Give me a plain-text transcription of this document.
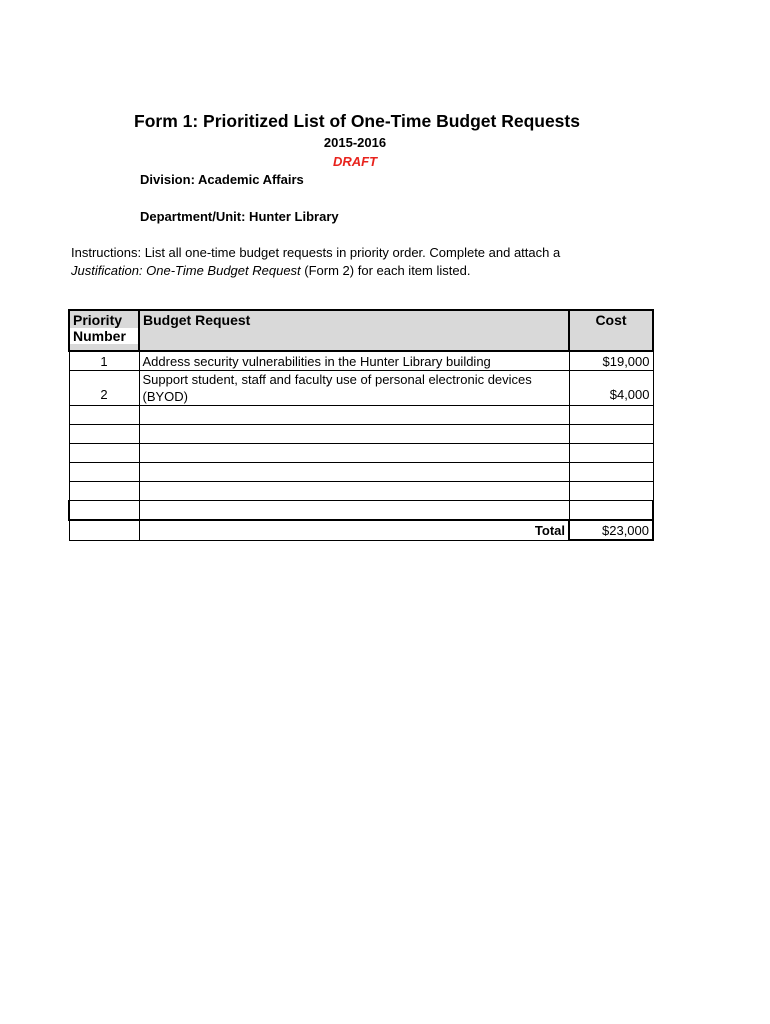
Form 1: Prioritized List of One-Time Budget Requests
2015-2016
DRAFT
Division: Academic Affairs
Department/Unit: Hunter Library
Instructions: List all one-time budget requests in priority order. Complete and attach a
Justification: One-Time Budget Request (Form 2) for each item listed.
Priority
Number	Budget Request	Cost
1	Address security vulnerabilities in the Hunter Library building	$19,000
2	Support student, staff and faculty use of personal electronic devices
(BYOD)	$4,000

	Total	$23,000
